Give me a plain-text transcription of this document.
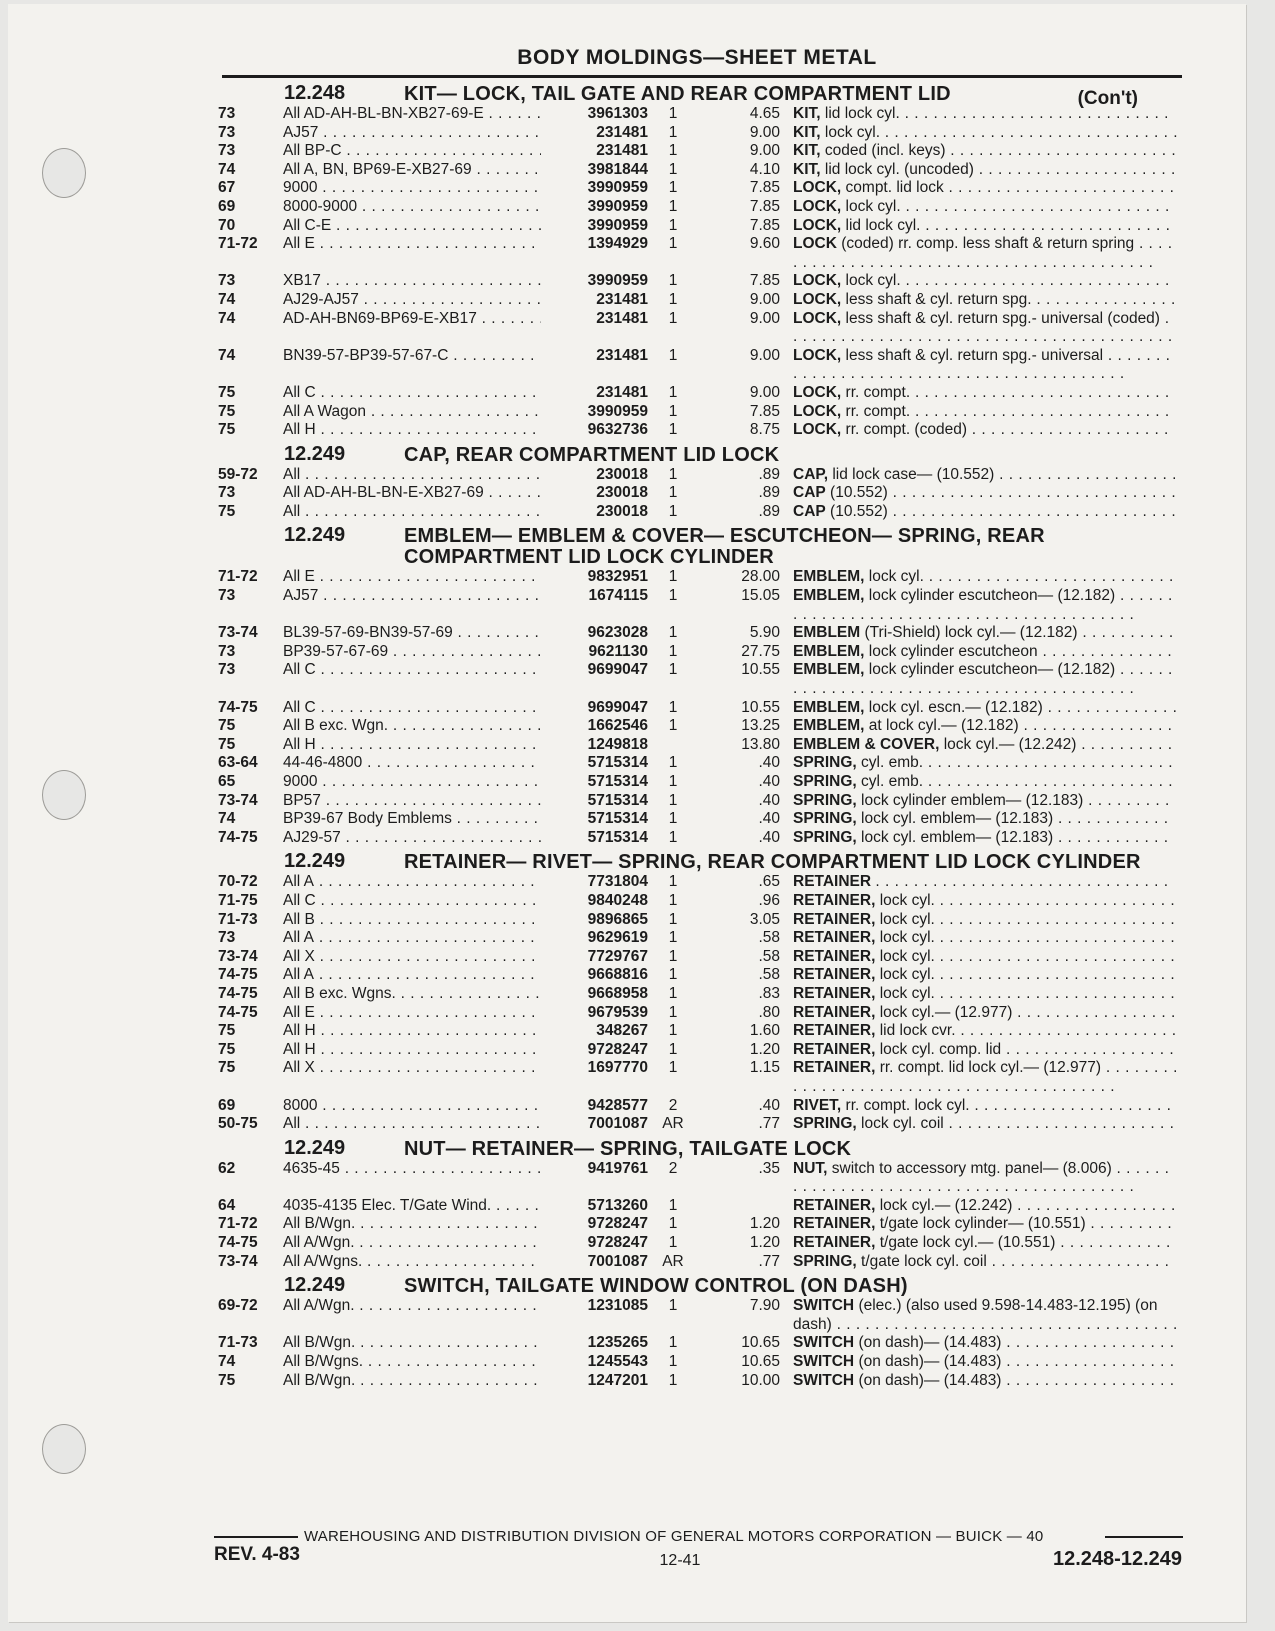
BODY MOLDINGS—SHEET METAL
12.248	KIT— LOCK, TAIL GATE AND REAR COMPARTMENT LID	(Con't)
73	All AD-AH-BL-BN-XB27-69-E . . .	3961303	1	4.65 KIT, lid lock cyl. . . .
73	AJ57 . . .	231481	1	9.00 KIT, lock cyl. . . .
73	All BP-C . . .	231481	1	9.00 KIT, coded (incl. keys) . . .
74	All A, BN, BP69-E-XB27-69 . . .	3981844	1	4.10 KIT, lid lock cyl. (uncoded) . . .
67	9000 . . .	3990959	1	7.85 LOCK, compt. lid lock . . .
69	8000-9000 . . .	3990959	1	7.85 LOCK, lock cyl. . . .
70	All C-E . . .	3990959	1	7.85 LOCK, lid lock cyl. . . .
71-72	All E . . .	1394929	1	9.60 LOCK (coded) rr. comp. less shaft & return spring . . .
73	XB17 . . .	3990959	1	7.85 LOCK, lock cyl. . . .
74	AJ29-AJ57 . . .	231481	1	9.00 LOCK, less shaft & cyl. return spg. . . .
74	AD-AH-BN69-BP69-E-XB17 . . .	231481	1	9.00 LOCK, less shaft & cyl. return spg.- universal (coded) . . .
74	BN39-57-BP39-57-67-C . . .	231481	1	9.00 LOCK, less shaft & cyl. return spg.- universal . . .
75	All C . . .	231481	1	9.00 LOCK, rr. compt. . . .
75	All A Wagon . . .	3990959	1	7.85 LOCK, rr. compt. . . .
75	All H . . .	9632736	1	8.75 LOCK, rr. compt. (coded) . . .
12.249	CAP, REAR COMPARTMENT LID LOCK
59-72	All . . .	230018	1	.89 CAP, lid lock case— (10.552) . . .
73	All AD-AH-BL-BN-E-XB27-69 . . .	230018	1	.89 CAP (10.552) . . .
75	All . . .	230018	1	.89 CAP (10.552) . . .
12.249	EMBLEM— EMBLEM & COVER— ESCUTCHEON— SPRING, REAR COMPARTMENT LID LOCK CYLINDER
71-72	All E . . .	9832951	1	28.00 EMBLEM, lock cyl. . . .
73	AJ57 . . .	1674115	1	15.05 EMBLEM, lock cylinder escutcheon— (12.182) . . .
73-74	BL39-57-69-BN39-57-69 . . .	9623028	1	5.90 EMBLEM (Tri-Shield) lock cyl.— (12.182) . . .
73	BP39-57-67-69 . . .	9621130	1	27.75 EMBLEM, lock cylinder escutcheon . . .
73	All C . . .	9699047	1	10.55 EMBLEM, lock cylinder escutcheon— (12.182) . . .
74-75	All C . . .	9699047	1	10.55 EMBLEM, lock cyl. escn.— (12.182) . . .
75	All B exc. Wgn. . . .	1662546	1	13.25 EMBLEM, at lock cyl.— (12.182) . . .
75	All H . . .	1249818	13.80 EMBLEM & COVER, lock cyl.— (12.242) . . .
63-64	44-46-4800 . . .	5715314	1	.40 SPRING, cyl. emb. . . .
65	9000 . . .	5715314	1	.40 SPRING, cyl. emb. . . .
73-74	BP57 . . .	5715314	1	.40 SPRING, lock cylinder emblem— (12.183) . . .
74	BP39-67 Body Emblems . . .	5715314	1	.40 SPRING, lock cyl. emblem— (12.183) . . .
74-75	AJ29-57 . . .	5715314	1	.40 SPRING, lock cyl. emblem— (12.183) . . .
12.249	RETAINER— RIVET— SPRING, REAR COMPARTMENT LID LOCK CYLINDER
70-72	All A . . .	7731804	1	.65 RETAINER . . .
71-75	All C . . .	9840248	1	.96 RETAINER, lock cyl. . . .
71-73	All B . . .	9896865	1	3.05 RETAINER, lock cyl. . . .
73	All A . . .	9629619	1	.58 RETAINER, lock cyl. . . .
73-74	All X . . .	7729767	1	.58 RETAINER, lock cyl. . . .
74-75	All A . . .	9668816	1	.58 RETAINER, lock cyl. . . .
74-75	All B exc. Wgns. . . .	9668958	1	.83 RETAINER, lock cyl. . . .
74-75	All E . . .	9679539	1	.80 RETAINER, lock cyl.— (12.977) . . .
75	All H . . .	348267	1	1.60 RETAINER, lid lock cvr. . . .
75	All H . . .	9728247	1	1.20 RETAINER, lock cyl. comp. lid . . .
75	All X . . .	1697770	1	1.15 RETAINER, rr. compt. lid lock cyl.— (12.977) . . .
69	8000 . . .	9428577	2	.40 RIVET, rr. compt. lock cyl. . . .
50-75	All . . .	7001087 AR	.77 SPRING, lock cyl. coil . . .
12.249	NUT— RETAINER— SPRING, TAILGATE LOCK
62	4635-45 . . .	9419761	2	.35 NUT, switch to accessory mtg. panel— (8.006) . . .
64	4035-4135 Elec. T/Gate Wind. . . .	5713260	1	RETAINER, lock cyl.— (12.242) . . .
71-72	All B/Wgn. . . .	9728247	1	1.20 RETAINER, t/gate lock cylinder— (10.551) . . .
74-75	All A/Wgn. . . .	9728247	1	1.20 RETAINER, t/gate lock cyl.— (10.551) . . .
73-74	All A/Wgns. . . .	7001087 AR	.77 SPRING, t/gate lock cyl. coil . . .
12.249	SWITCH, TAILGATE WINDOW CONTROL (ON DASH)
69-72	All A/Wgn. . . .	1231085	1	7.90 SWITCH (elec.) (also used 9.598-14.483-12.195) (on dash) . . .
71-73	All B/Wgn. . . .	1235265	1	10.65 SWITCH (on dash)— (14.483) . . .
74	All B/Wgns. . . .	1245543	1	10.65 SWITCH (on dash)— (14.483) . . .
75	All B/Wgn. . . .	1247201	1	10.00 SWITCH (on dash)— (14.483) . . .
WAREHOUSING AND DISTRIBUTION DIVISION OF GENERAL MOTORS CORPORATION — BUICK — 40
REV. 4-83	12-41	12.248-12.249
